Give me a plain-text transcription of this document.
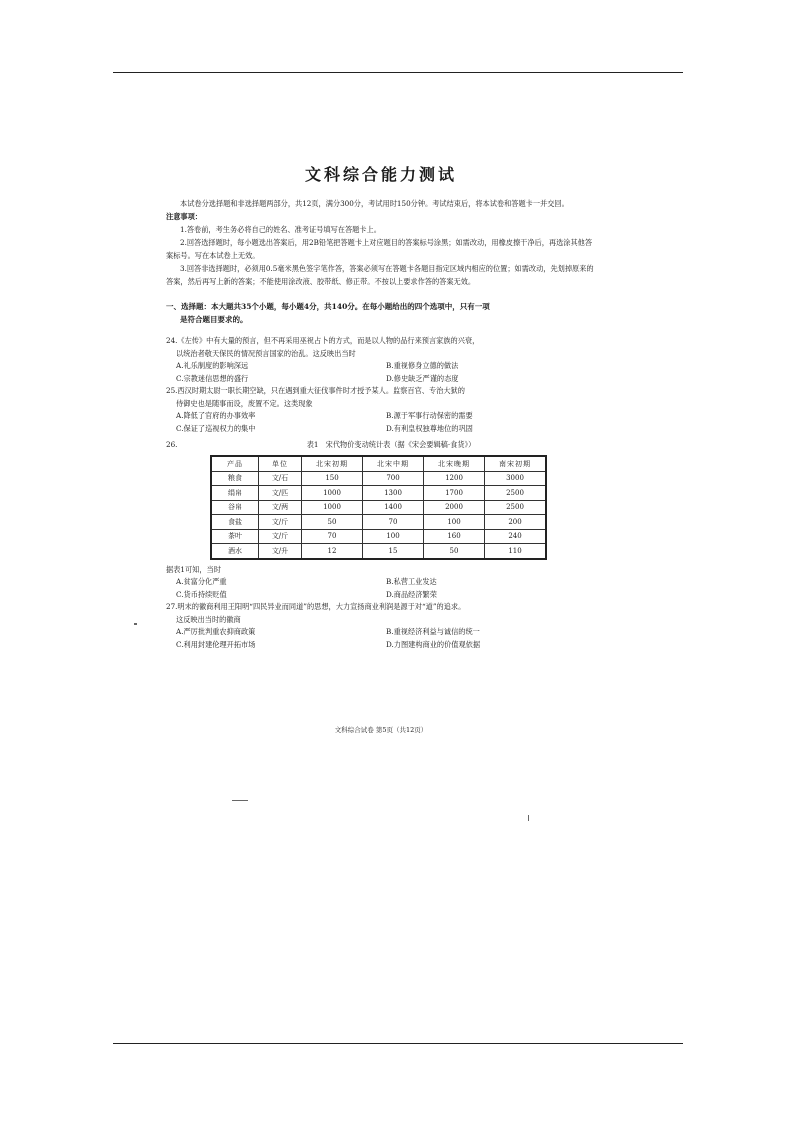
文科综合能力测试

本试卷分选择题和非选择题两部分，共12页，满分300分，考试用时150分钟。考试结束后，将本试卷和答题卡一并交回。

注意事项：

1.答卷前，考生务必将自己的姓名、准考证号填写在答题卡上。

2.回答选择题时，每小题选出答案后，用2B铅笔把答题卡上对应题目的答案标号涂黑；如需改动，用橡皮擦干净后，再选涂其他答案标号。写在本试卷上无效。

3.回答非选择题时，必须用0.5毫米黑色签字笔作答，答案必须写在答题卡各题目指定区域内相应的位置；如需改动，先划掉原来的答案，然后再写上新的答案；不能使用涂改液、胶带纸、修正带。不按以上要求作答的答案无效。

一、选择题：本大题共35个小题，每小题4分，共140分。在每小题给出的四个选项中，只有一项
是符合题目要求的。
24.《左传》中有大量的预言，但不再采用巫祝占卜的方式，而是以人物的品行来预言家族的兴衰，
以统治者敬天保民的情况预言国家的治乱。这反映出当时
A.礼乐制度的影响深远	B.重视修身立德的做法
C.宗教迷信思想的盛行	D.修史缺乏严谨的态度
25.西汉时期太尉一职长期空缺，只在遇到重大征伐事件时才授予某人。监察百官、专治大狱的
侍御史也是随事而设，废置不定。这类现象
A.降低了官府的办事效率	B.源于军事行动保密的需要
C.保证了巡视权力的集中	D.有利皇权独尊地位的巩固
26.	表1　宋代物价变动统计表（据《宋会要辑稿·食货》）
产品	单位	北宋初期	北宋中期	北宋晚期	南宋初期
粮食	文/石	150	700	1200	3000
绢帛	文/匹	1000	1300	1700	2500
谷帛	文/两	1000	1400	2000	2500
食盐	文/斤	50	70	100	200
茶叶	文/斤	70	100	160	240
酒水	文/升	12	15	50	110
据表1可知，当时
A.贫富分化严重	B.私营工业发达
C.货币持续贬值	D.商品经济繁荣
27.明末的徽商利用王阳明“四民异业而同道”的思想，大力宣扬商业利润是源于对“道”的追求。
这反映出当时的徽商
A.严厉批判重农抑商政策	B.重视经济利益与诚信的统一
C.利用封建伦理开拓市场	D.力图建构商业的价值观依据
文科综合试卷 第5页（共12页）
